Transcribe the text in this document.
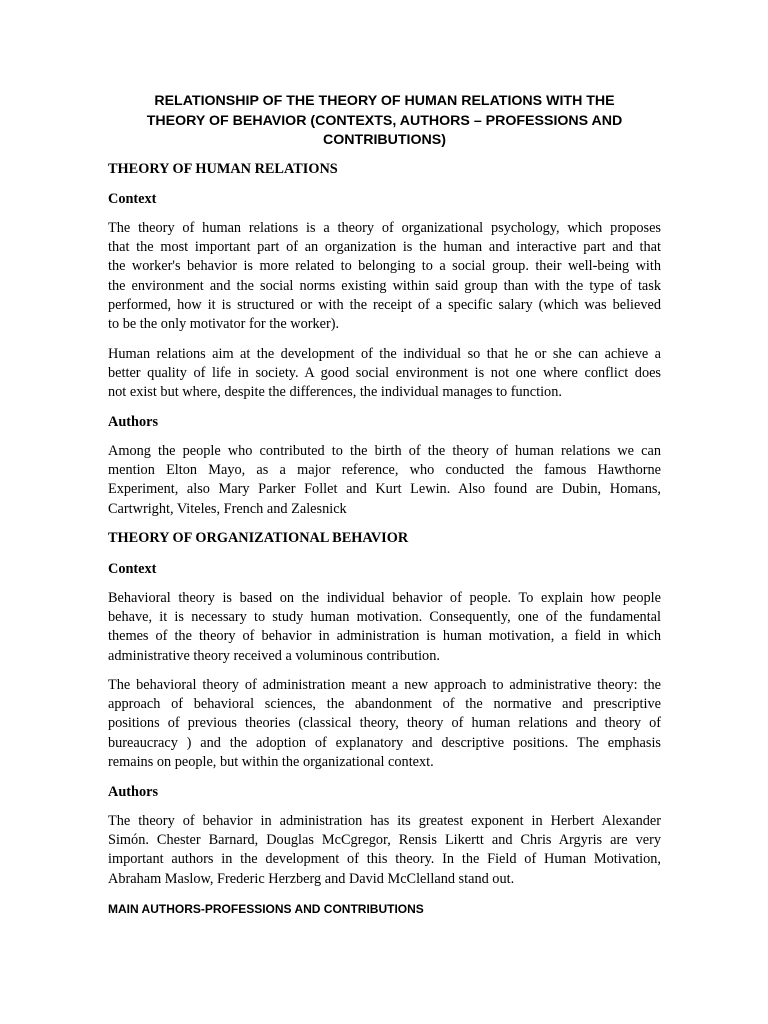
RELATIONSHIP OF THE THEORY OF HUMAN RELATIONS WITH THE
THEORY OF BEHAVIOR (CONTEXTS, AUTHORS – PROFESSIONS AND
CONTRIBUTIONS)
THEORY OF HUMAN RELATIONS
Context

The theory of human relations is a theory of organizational psychology, which proposes
that the most important part of an organization is the human and interactive part and that
the worker's behavior is more related to belonging to a social group. their well-being with
the environment and the social norms existing within said group than with the type of task
performed, how it is structured or with the receipt of a specific salary (which was believed
to be the only motivator for the worker).

Human relations aim at the development of the individual so that he or she can achieve a
better quality of life in society. A good social environment is not one where conflict does
not exist but where, despite the differences, the individual manages to function.

Authors

Among the people who contributed to the birth of the theory of human relations we can
mention Elton Mayo, as a major reference, who conducted the famous Hawthorne
Experiment, also Mary Parker Follet and Kurt Lewin. Also found are Dubin, Homans,
Cartwright, Viteles, French and Zalesnick

THEORY OF ORGANIZATIONAL BEHAVIOR
Context

Behavioral theory is based on the individual behavior of people. To explain how people
behave, it is necessary to study human motivation. Consequently, one of the fundamental
themes of the theory of behavior in administration is human motivation, a field in which
administrative theory received a voluminous contribution.

The behavioral theory of administration meant a new approach to administrative theory: the
approach of behavioral sciences, the abandonment of the normative and prescriptive
positions of previous theories (classical theory, theory of human relations and theory of
bureaucracy ) and the adoption of explanatory and descriptive positions. The emphasis
remains on people, but within the organizational context.

Authors

The theory of behavior in administration has its greatest exponent in Herbert Alexander
Simón. Chester Barnard, Douglas McCgregor, Rensis Likertt and Chris Argyris are very
important authors in the development of this theory. In the Field of Human Motivation,
Abraham Maslow, Frederic Herzberg and David McClelland stand out.

MAIN AUTHORS-PROFESSIONS AND CONTRIBUTIONS
